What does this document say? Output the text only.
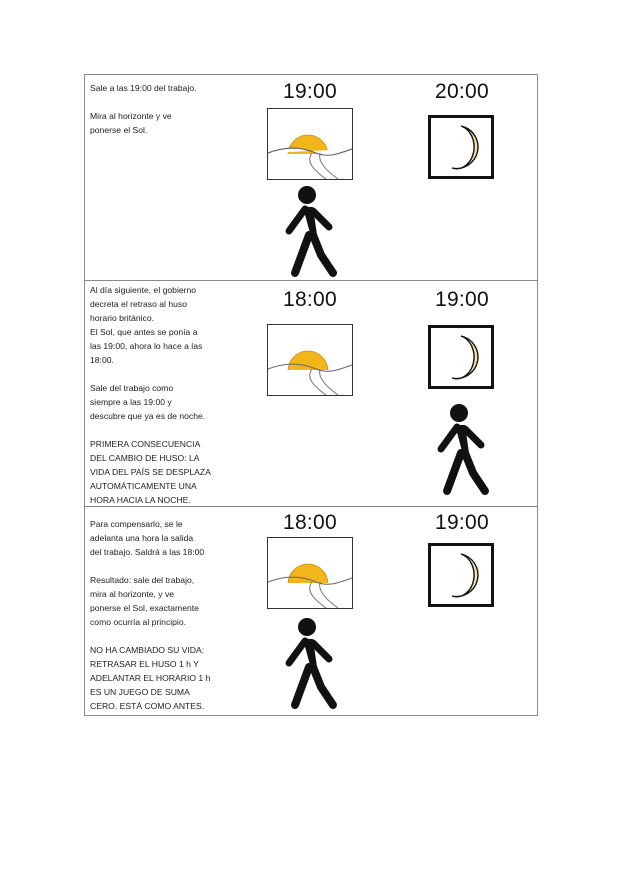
Sale a las 19:00 del trabajo.

Mira al horizonte y ve
ponerse el Sol.

19:00	20:00

Al día siguiente, el gobierno
decreta el retraso al huso
horario británico.
El Sol, que antes se ponía a
las 19:00, ahora lo hace a las
18:00.

Sale del trabajo como
siempre a las 19:00 y
descubre que ya es de noche.

PRIMERA CONSECUENCIA
DEL CAMBIO DE HUSO: LA
VIDA DEL PAÍS SE DESPLAZA
AUTOMÁTICAMENTE UNA
HORA HACIA LA NOCHE.

18:00	19:00

Para compensarlo, se le
adelanta una hora la salida
del trabajo. Saldrá a las 18:00

Resultado: sale del trabajo,
mira al horizonte, y ve
ponerse el Sol, exactamente
como ocurría al principio.

NO HA CAMBIADO SU VIDA:
RETRASAR EL HUSO 1 h Y
ADELANTAR EL HORARIO 1 h
ES UN JUEGO DE SUMA
CERO. ESTÁ COMO ANTES.

18:00	19:00
